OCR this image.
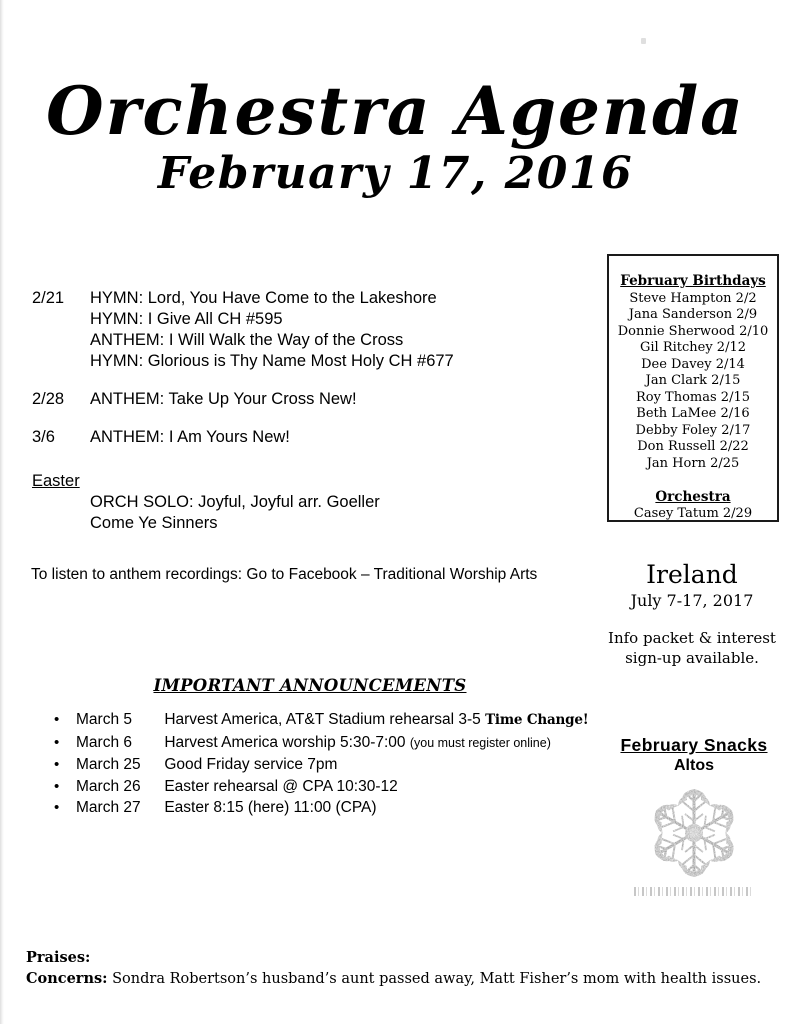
Orchestra Agenda
February 17, 2016
2/21	HYMN: Lord, You Have Come to the Lakeshore
HYMN: I Give All CH #595
ANTHEM: I Will Walk the Way of the Cross
HYMN: Glorious is Thy Name Most Holy CH #677
2/28	ANTHEM: Take Up Your Cross New!
3/6	ANTHEM: I Am Yours New!
Easter
ORCH SOLO: Joyful, Joyful arr. Goeller
Come Ye Sinners
To listen to anthem recordings: Go to Facebook – Traditional Worship Arts
IMPORTANT ANNOUNCEMENTS
• March 5 Harvest America, AT&T Stadium rehearsal 3-5 Time Change!
• March 6 Harvest America worship 5:30-7:00 (you must register online)
• March 25 Good Friday service 7pm
• March 26 Easter rehearsal @ CPA 10:30-12
• March 27 Easter 8:15 (here) 11:00 (CPA)
February Birthdays
Steve Hampton 2/2
Jana Sanderson 2/9
Donnie Sherwood 2/10
Gil Ritchey 2/12
Dee Davey 2/14
Jan Clark 2/15
Roy Thomas 2/15
Beth LaMee 2/16
Debby Foley 2/17
Don Russell 2/22
Jan Horn 2/25
Orchestra
Casey Tatum 2/29
Ireland
July 7-17, 2017
Info packet & interest
sign-up available.
February Snacks
Altos
Praises:
Concerns: Sondra Robertson’s husband’s aunt passed away, Matt Fisher’s mom with health issues.
